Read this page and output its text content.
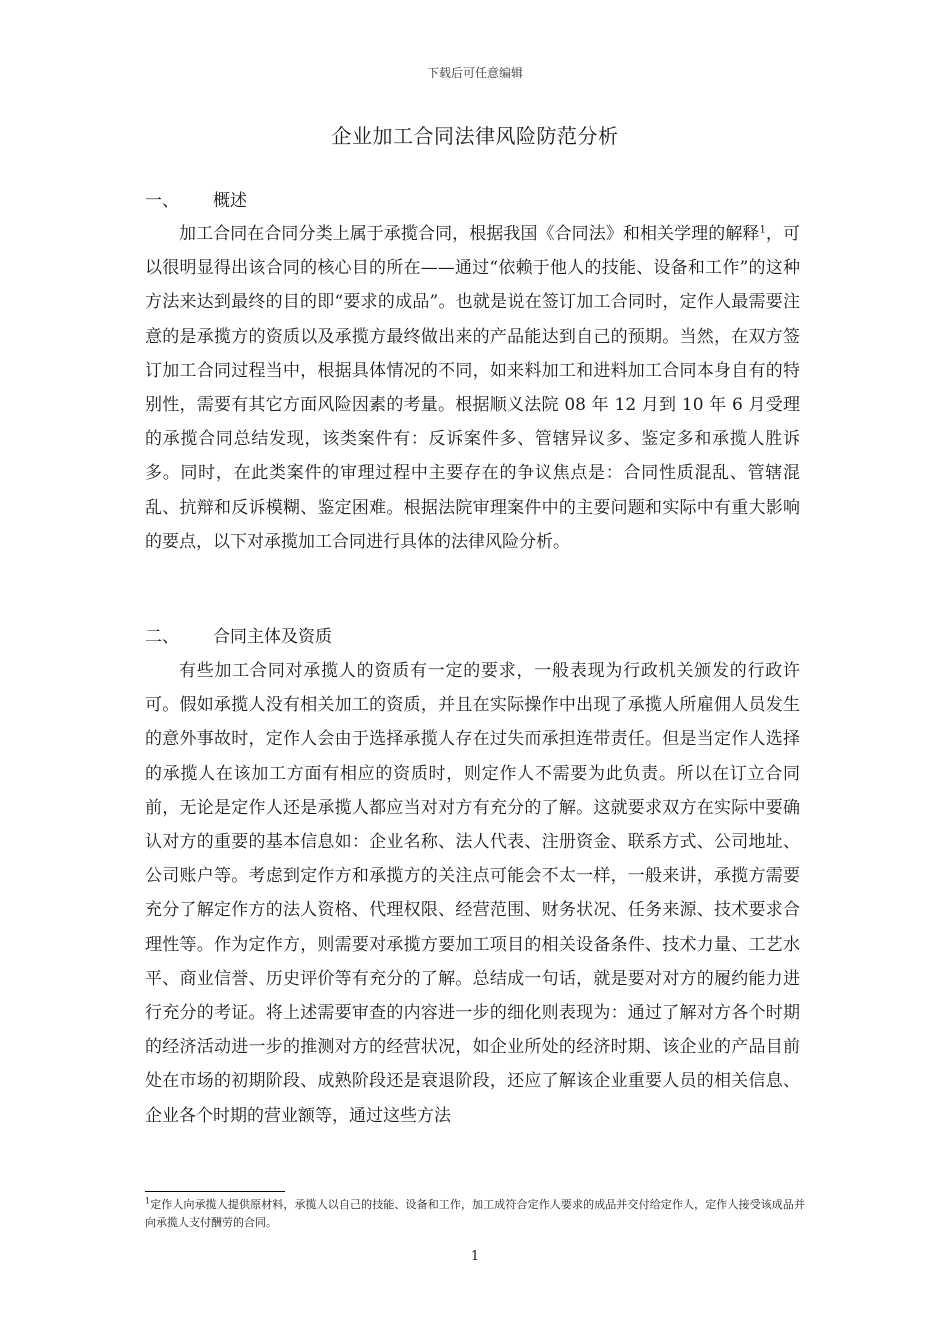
下载后可任意编辑
企业加工合同法律风险防范分析
一、 概述

加工合同在合同分类上属于承揽合同，根据我国《合同法》和相关学理的解释$^1$，可以很明显得出该合同的核心目的所在——通过“依赖于他人的技能、设备和工作”的这种方法来达到最终的目的即“要求的成品”。也就是说在签订加工合同时，定作人最需要注意的是承揽方的资质以及承揽方最终做出来的产品能达到自己的预期。当然，在双方签订加工合同过程当中，根据具体情况的不同，如来料加工和进料加工合同本身自有的特别性，需要有其它方面风险因素的考量。根据顺义法院 08 年 12 月到 10 年 6 月受理的承揽合同总结发现，该类案件有：反诉案件多、管辖异议多、鉴定多和承揽人胜诉多。同时，在此类案件的审理过程中主要存在的争议焦点是：合同性质混乱、管辖混乱、抗辩和反诉模糊、鉴定困难。根据法院审理案件中的主要问题和实际中有重大影响的要点，以下对承揽加工合同进行具体的法律风险分析。

二、 合同主体及资质

有些加工合同对承揽人的资质有一定的要求，一般表现为行政机关颁发的行政许可。假如承揽人没有相关加工的资质，并且在实际操作中出现了承揽人所雇佣人员发生的意外事故时，定作人会由于选择承揽人存在过失而承担连带责任。但是当定作人选择的承揽人在该加工方面有相应的资质时，则定作人不需要为此负责。所以在订立合同前，无论是定作人还是承揽人都应当对对方有充分的了解。这就要求双方在实际中要确认对方的重要的基本信息如：企业名称、法人代表、注册资金、联系方式、公司地址、公司账户等。考虑到定作方和承揽方的关注点可能会不太一样，一般来讲，承揽方需要充分了解定作方的法人资格、代理权限、经营范围、财务状况、任务来源、技术要求合理性等。作为定作方，则需要对承揽方要加工项目的相关设备条件、技术力量、工艺水平、商业信誉、历史评价等有充分的了解。总结成一句话，就是要对对方的履约能力进行充分的考证。将上述需要审查的内容进一步的细化则表现为：通过了解对方各个时期的经济活动进一步的推测对方的经营状况，如企业所处的经济时期、该企业的产品目前处在市场的初期阶段、成熟阶段还是衰退阶段，还应了解该企业重要人员的相关信息、企业各个时期的营业额等，通过这些方法

$^1$定作人向承揽人提供原材料，承揽人以自己的技能、设备和工作，加工成符合定作人要求的成品并交付给定作人，定作人接受该成品并向承揽人支付酬劳的合同。
1
